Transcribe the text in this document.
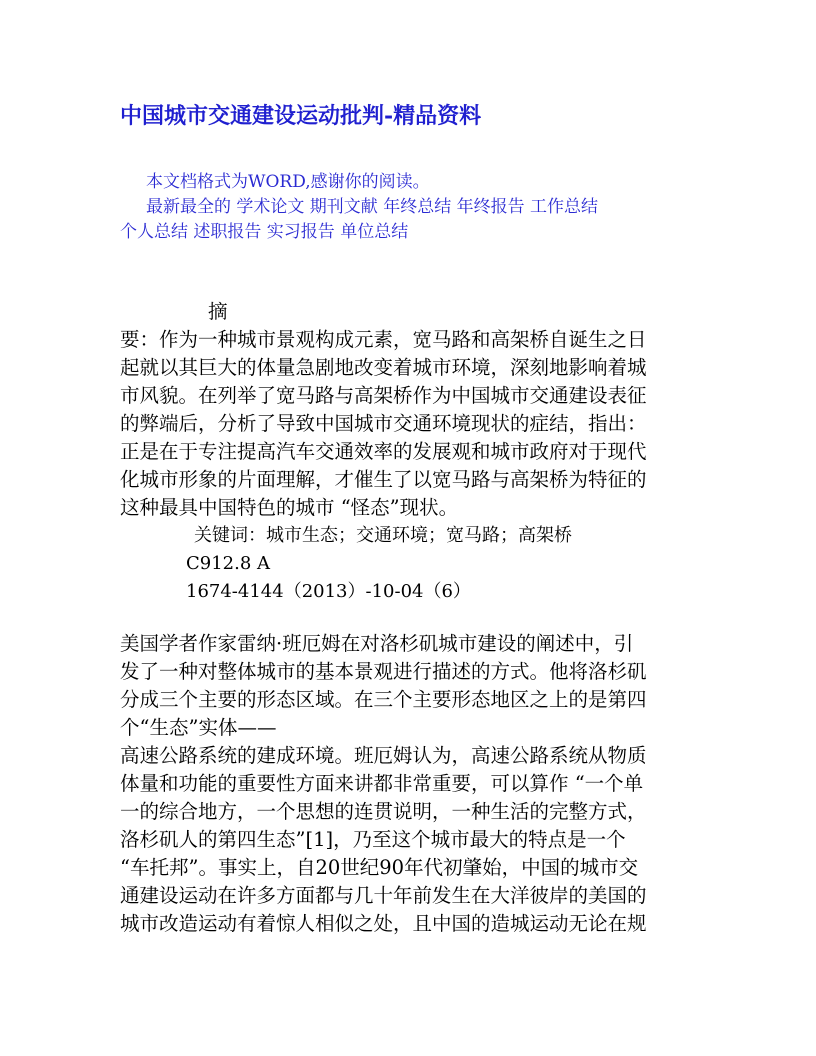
中国城市交通建设运动批判-精品资料
本文档格式为WORD,感谢你的阅读。
最新最全的 学术论文 期刊文献 年终总结 年终报告 工作总结
个人总结 述职报告 实习报告 单位总结
摘
要：作为一种城市景观构成元素，宽马路和高架桥自诞生之日
起就以其巨大的体量急剧地改变着城市环境，深刻地影响着城
市风貌。在列举了宽马路与高架桥作为中国城市交通建设表征
的弊端后，分析了导致中国城市交通环境现状的症结，指出：
正是在于专注提高汽车交通效率的发展观和城市政府对于现代
化城市形象的片面理解，才催生了以宽马路与高架桥为特征的
这种最具中国特色的城市 “怪态”现状。
关键词：城市生态；交通环境；宽马路；高架桥
C912.8 A
1674-4144（2013）-10-04（6）
美国学者作家雷纳·班厄姆在对洛杉矶城市建设的阐述中，引
发了一种对整体城市的基本景观进行描述的方式。他将洛杉矶
分成三个主要的形态区域。在三个主要形态地区之上的是第四
个“生态”实体——
高速公路系统的建成环境。班厄姆认为，高速公路系统从物质
体量和功能的重要性方面来讲都非常重要，可以算作 “一个单
一的综合地方，一个思想的连贯说明，一种生活的完整方式，
洛杉矶人的第四生态”[1]，乃至这个城市最大的特点是一个
“车托邦”。事实上，自20世纪90年代初肇始，中国的城市交
通建设运动在许多方面都与几十年前发生在大洋彼岸的美国的
城市改造运动有着惊人相似之处，且中国的造城运动无论在规
